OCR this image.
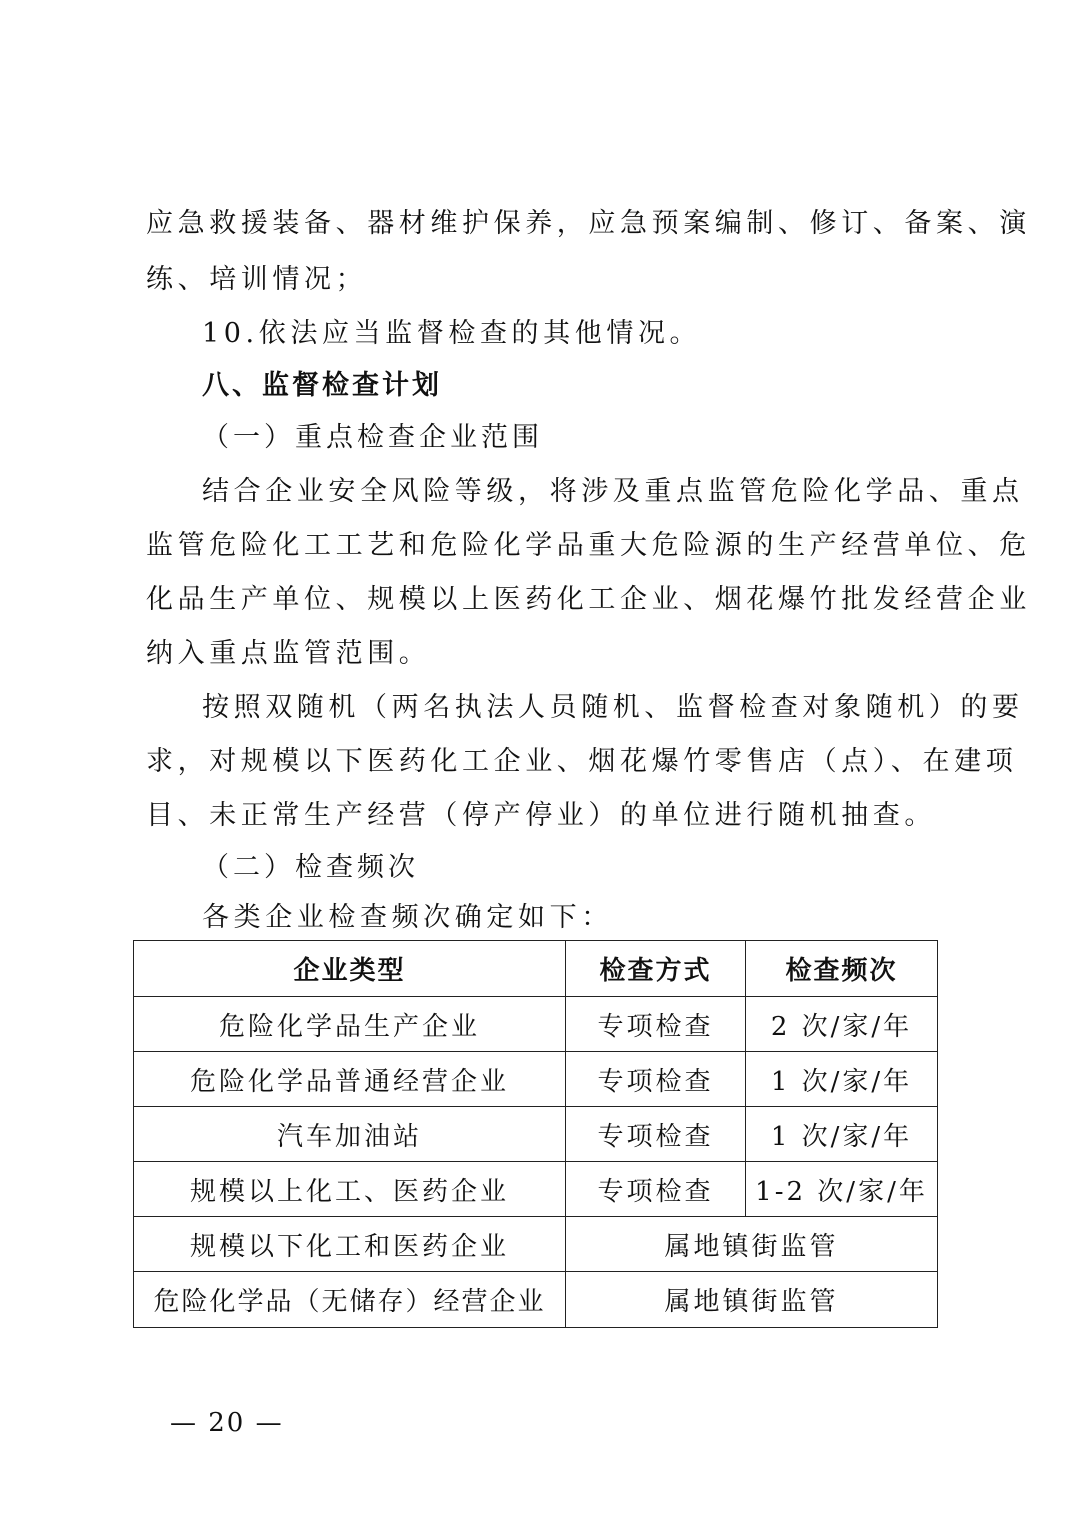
应急救援装备、器材维护保养，应急预案编制、修订、备案、演
练、培训情况；
10.依法应当监督检查的其他情况。
八、监督检查计划
（一）重点检查企业范围
结合企业安全风险等级，将涉及重点监管危险化学品、重点
监管危险化工工艺和危险化学品重大危险源的生产经营单位、危
化品生产单位、规模以上医药化工企业、烟花爆竹批发经营企业
纳入重点监管范围。
按照双随机（两名执法人员随机、监督检查对象随机）的要
求，对规模以下医药化工企业、烟花爆竹零售店（点）、在建项
目、未正常生产经营（停产停业）的单位进行随机抽查。
（二）检查频次
各类企业检查频次确定如下：
企业类型	检查方式	检查频次
危险化学品生产企业	专项检查	2 次/家/年
危险化学品普通经营企业	专项检查	1 次/家/年
汽车加油站	专项检查	1 次/家/年
规模以上化工、医药企业	专项检查	1-2 次/家/年
规模以下化工和医药企业	属地镇街监管	
危险化学品（无储存）经营企业	属地镇街监管	
— 20 —
